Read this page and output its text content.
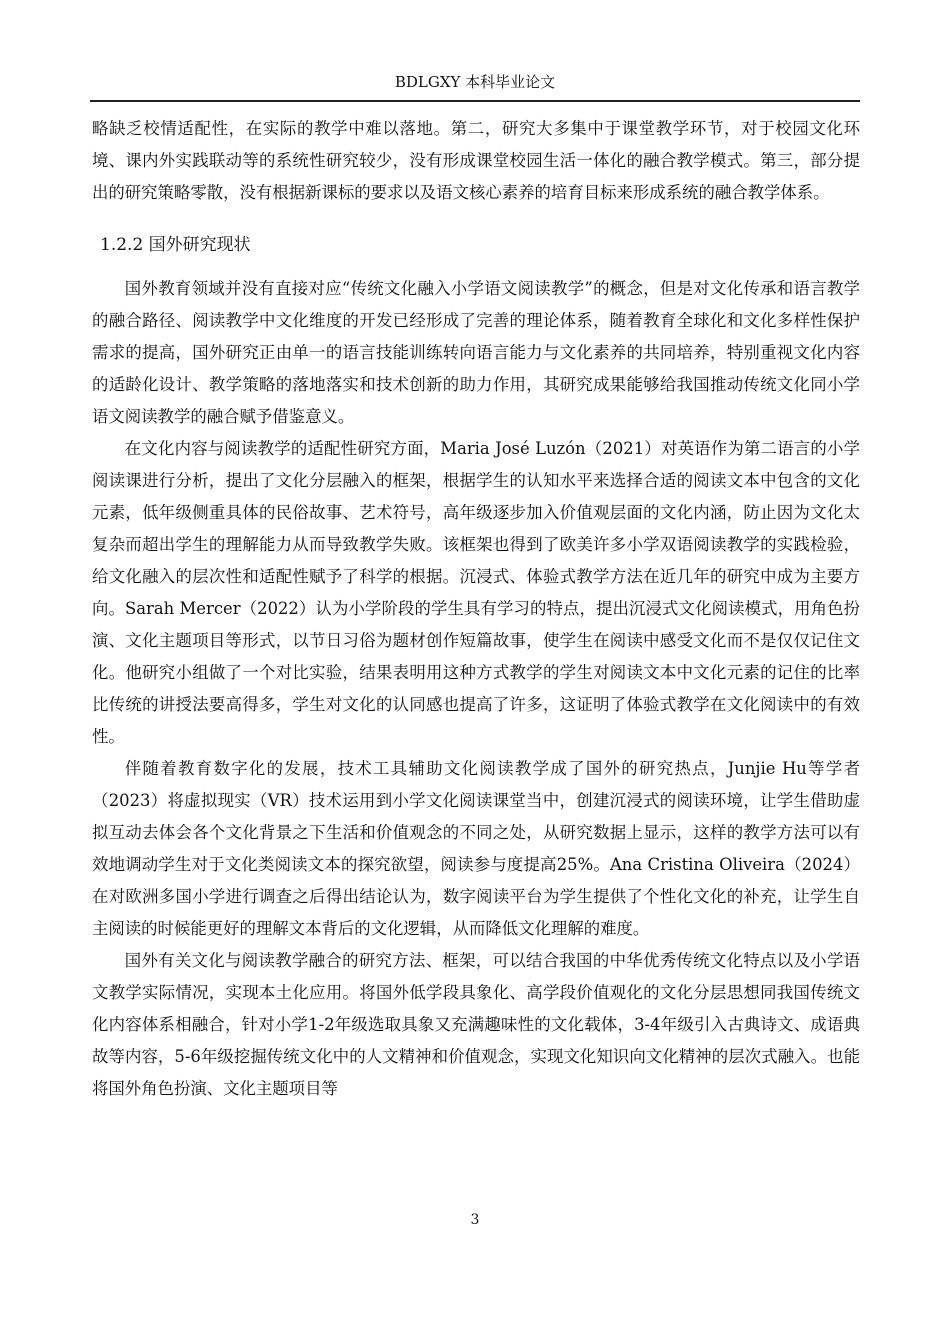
BDLGXY 本科毕业论文

略缺乏校情适配性，在实际的教学中难以落地。第二，研究大多集中于课堂教学环节，对于校园文化环境、课内外实践联动等的系统性研究较少，没有形成课堂校园生活一体化的融合教学模式。第三，部分提出的研究策略零散，没有根据新课标的要求以及语文核心素养的培育目标来形成系统的融合教学体系。

1.2.2 国外研究现状

国外教育领域并没有直接对应“传统文化融入小学语文阅读教学”的概念，但是对文化传承和语言教学的融合路径、阅读教学中文化维度的开发已经形成了完善的理论体系，随着教育全球化和文化多样性保护需求的提高，国外研究正由单一的语言技能训练转向语言能力与文化素养的共同培养，特别重视文化内容的适龄化设计、教学策略的落地落实和技术创新的助力作用，其研究成果能够给我国推动传统文化同小学语文阅读教学的融合赋予借鉴意义。

在文化内容与阅读教学的适配性研究方面，Maria José Luzón（2021）对英语作为第二语言的小学阅读课进行分析，提出了文化分层融入的框架，根据学生的认知水平来选择合适的阅读文本中包含的文化元素，低年级侧重具体的民俗故事、艺术符号，高年级逐步加入价值观层面的文化内涵，防止因为文化太复杂而超出学生的理解能力从而导致教学失败。该框架也得到了欧美许多小学双语阅读教学的实践检验，给文化融入的层次性和适配性赋予了科学的根据。沉浸式、体验式教学方法在近几年的研究中成为主要方向。Sarah Mercer（2022）认为小学阶段的学生具有学习的特点，提出沉浸式文化阅读模式，用角色扮演、文化主题项目等形式，以节日习俗为题材创作短篇故事，使学生在阅读中感受文化而不是仅仅记住文化。他研究小组做了一个对比实验，结果表明用这种方式教学的学生对阅读文本中文化元素的记住的比率比传统的讲授法要高得多，学生对文化的认同感也提高了许多，这证明了体验式教学在文化阅读中的有效性。

伴随着教育数字化的发展，技术工具辅助文化阅读教学成了国外的研究热点，Junjie Hu等学者（2023）将虚拟现实（VR）技术运用到小学文化阅读课堂当中，创建沉浸式的阅读环境，让学生借助虚拟互动去体会各个文化背景之下生活和价值观念的不同之处，从研究数据上显示，这样的教学方法可以有效地调动学生对于文化类阅读文本的探究欲望，阅读参与度提高25%。Ana Cristina Oliveira（2024）在对欧洲多国小学进行调查之后得出结论认为，数字阅读平台为学生提供了个性化文化的补充，让学生自主阅读的时候能更好的理解文本背后的文化逻辑，从而降低文化理解的难度。

国外有关文化与阅读教学融合的研究方法、框架，可以结合我国的中华优秀传统文化特点以及小学语文教学实际情况，实现本土化应用。将国外低学段具象化、高学段价值观化的文化分层思想同我国传统文化内容体系相融合，针对小学1-2年级选取具象又充满趣味性的文化载体，3-4年级引入古典诗文、成语典故等内容，5-6年级挖掘传统文化中的人文精神和价值观念，实现文化知识向文化精神的层次式融入。也能将国外角色扮演、文化主题项目等

3
